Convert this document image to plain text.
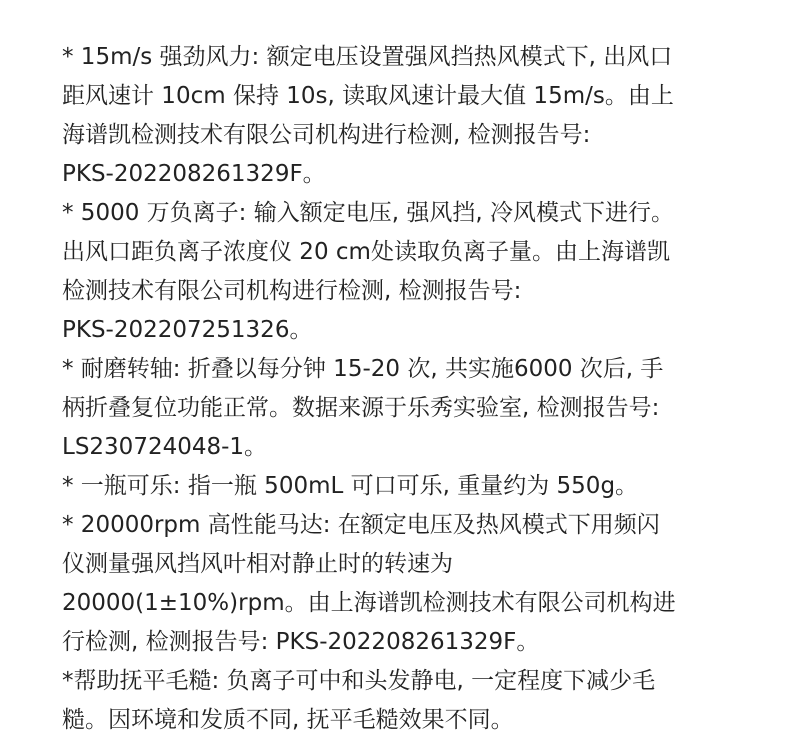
* 15m/s 强劲风力: 额定电压设置强风挡热风模式下, 出风口
距风速计 10cm 保持 10s, 读取风速计最大值 15m/s。由上
海谱凯检测技术有限公司机构进行检测, 检测报告号:
PKS-202208261329F。
* 5000 万负离子: 输入额定电压, 强风挡, 冷风模式下进行。
出风口距负离子浓度仪 20 cm处读取负离子量。由上海谱凯
检测技术有限公司机构进行检测, 检测报告号:
PKS-202207251326。
* 耐磨转轴: 折叠以每分钟 15-20 次, 共实施6000 次后, 手
柄折叠复位功能正常。数据来源于乐秀实验室, 检测报告号:
LS230724048-1。
* 一瓶可乐: 指一瓶 500mL 可口可乐, 重量约为 550g。
* 20000rpm 高性能马达: 在额定电压及热风模式下用频闪
仪测量强风挡风叶相对静止时的转速为
20000(1±10%)rpm。由上海谱凯检测技术有限公司机构进
行检测, 检测报告号: PKS-202208261329F。
*帮助抚平毛糙: 负离子可中和头发静电, 一定程度下减少毛
糙。因环境和发质不同, 抚平毛糙效果不同。
